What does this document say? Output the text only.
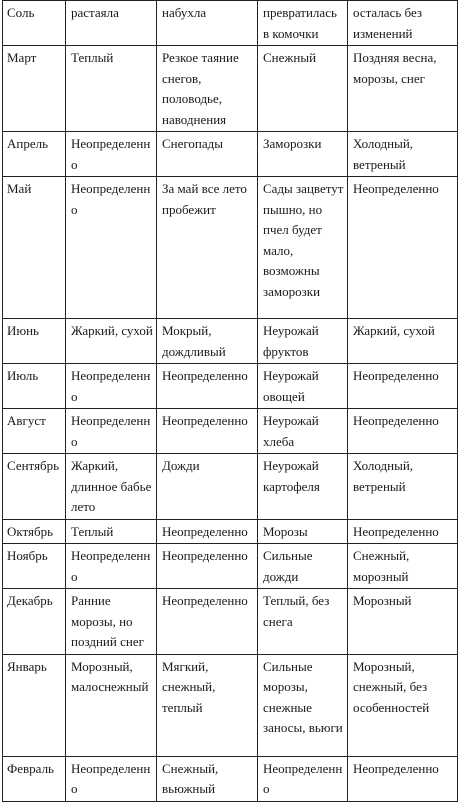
Соль	растаяла	набухла	превратилась в комочки	осталась без изменений
Март	Теплый	Резкое таяние снегов, половодье, наводнения	Снежный	Поздняя весна, морозы, снег
Апрель	Неопределенно	Снегопады	Заморозки	Холодный, ветреный
Май	Неопределенно	За май все лето пробежит	Сады зацветут пышно, но пчел будет мало, возможны заморозки	Неопределенно
Июнь	Жаркий, сухой	Мокрый, дождливый	Неурожай фруктов	Жаркий, сухой
Июль	Неопределенно	Неопределенно	Неурожай овощей	Неопределенно
Август	Неопределенно	Неопределенно	Неурожай хлеба	Неопределенно
Сентябрь	Жаркий, длинное бабье лето	Дожди	Неурожай картофеля	Холодный, ветреный
Октябрь	Теплый	Неопределенно	Морозы	Неопределенно
Ноябрь	Неопределенно	Неопределенно	Сильные дожди	Снежный, морозный
Декабрь	Ранние морозы, но поздний снег	Неопределенно	Теплый, без снега	Морозный
Январь	Морозный, малоснежный	Мягкий, снежный, теплый	Сильные морозы, снежные заносы, вьюги	Морозный, снежный, без особенностей
Февраль	Неопределенно	Снежный, вьюжный	Неопределенно	Неопределенно
